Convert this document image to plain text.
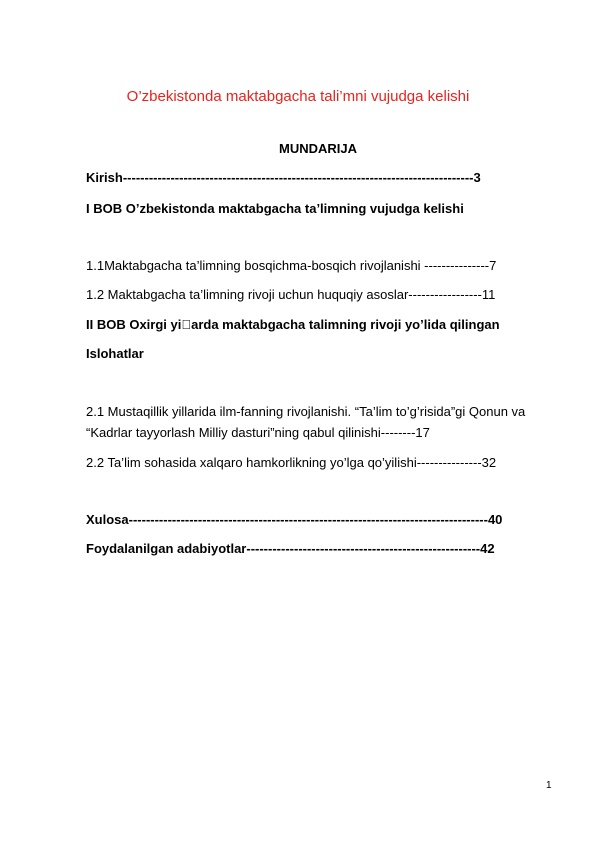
O’zbekistonda maktabgacha tali’mni vujudga kelishi
MUNDARIJA
Kirish---------------------------------------------------------------------------------3
I BOB O’zbekistonda maktabgacha ta’limning vujudga kelishi
1.1Maktabgacha ta’limning bosqichma-bosqich rivojlanishi ---------------7
1.2 Maktabgacha ta’limning rivoji uchun huquqiy asoslar-----------------11
II BOB Oxirgi yi arda maktabgacha talimning rivoji yo’lida qilingan
Islohatlar
2.1 Mustaqillik yillarida ilm-fanning rivojlanishi. “Ta’lim to’g’risida”gi Qonun va “Kadrlar tayyorlash Milliy dasturi”ning qabul qilinishi--------17
2.2 Ta’lim sohasida xalqaro hamkorlikning yo’lga qo’yilishi---------------32
Xulosa-----------------------------------------------------------------------------------40
Foydalanilgan adabiyotlar------------------------------------------------------42
1
